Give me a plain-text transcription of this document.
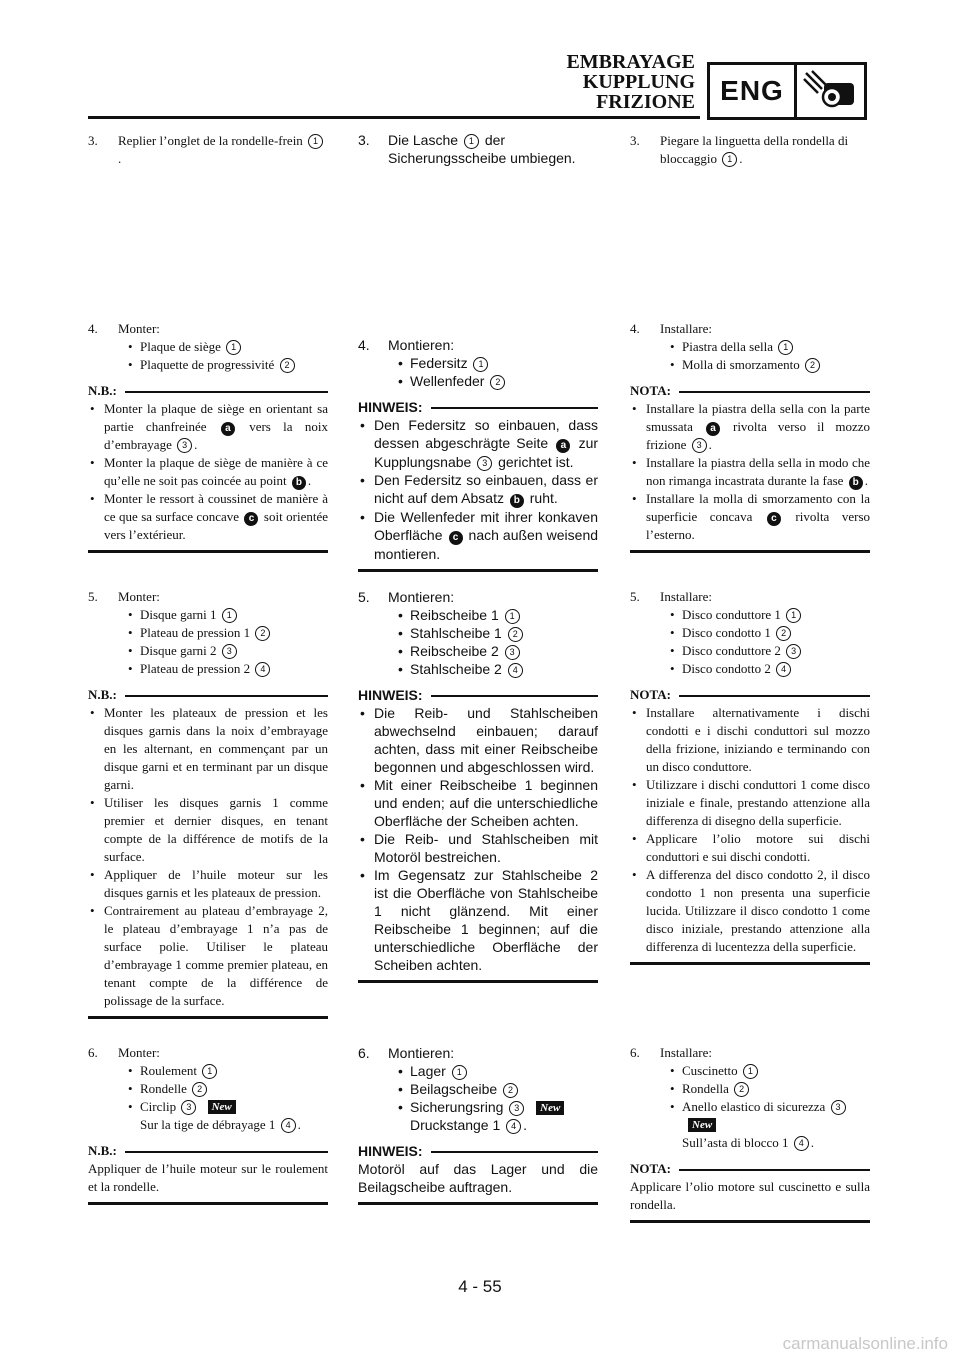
EMBRAYAGE
KUPPLUNG
FRIZIONE ENG
3. Replier l’onglet de la rondelle-frein 1.
4. Monter:
• Plaque de siège 1
• Plaquette de progressivité 2
N.B.:
• Monter la plaque de siège en orientant sa partie chanfreinée a vers la noix d’embrayage 3 .
• Monter la plaque de siège de manière à ce qu’elle ne soit pas coincée au point b .
• Monter le ressort à coussinet de manière à ce que sa surface concave c soit orientée vers l’extérieur.
5. Monter:
• Disque garni 1 1
• Plateau de pression 1 2
• Disque garni 2 3
• Plateau de pression 2 4
N.B.:
• Monter les plateaux de pression et les disques garnis dans la noix d’embrayage en les alternant, en commençant par un disque garni et en terminant par un disque garni.
• Utiliser les disques garnis 1 comme premier et dernier disques, en tenant compte de la différence de motifs de la surface.
• Appliquer de l’huile moteur sur les disques garnis et les plateaux de pression.
• Contrairement au plateau d’embrayage 2, le plateau d’embrayage 1 n’a pas de surface polie. Utiliser le plateau d’embrayage 1 comme premier plateau, en tenant compte de la différence de polissage de la surface.
6. Monter:
• Roulement 1
• Rondelle 2
• Circlip 3 New
Sur la tige de débrayage 1 4 .
N.B.:
Appliquer de l’huile moteur sur le roulement et la rondelle.
3. Die Lasche 1 der Sicherungsscheibe umbiegen.
4. Montieren:
• Federsitz 1
• Wellenfeder 2
HINWEIS:
• Den Federsitz so einbauen, dass dessen abgeschrägte Seite a zur Kupplungsnabe 3 gerichtet ist.
• Den Federsitz so einbauen, dass er nicht auf dem Absatz b ruht.
• Die Wellenfeder mit ihrer konkaven Oberfläche c nach außen weisend montieren.
5. Montieren:
• Reibscheibe 1 1
• Stahlscheibe 1 2
• Reibscheibe 2 3
• Stahlscheibe 2 4
HINWEIS:
• Die Reib- und Stahlscheiben abwechselnd einbauen; darauf achten, dass mit einer Reibscheibe begonnen und abgeschlossen wird.
• Mit einer Reibscheibe 1 beginnen und enden; auf die unterschiedliche Oberfläche der Scheiben achten.
• Die Reib- und Stahlscheiben mit Motoröl bestreichen.
• Im Gegensatz zur Stahlscheibe 2 ist die Oberfläche von Stahlscheibe 1 nicht glänzend. Mit einer Reibscheibe 1 beginnen; auf die unterschiedliche Oberfläche der Scheiben achten.
6. Montieren:
• Lager 1
• Beilagscheibe 2
• Sicherungsring 3 New
Druckstange 1 4 .
HINWEIS:
Motoröl auf das Lager und die Beilagscheibe auftragen.
3. Piegare la linguetta della rondella di bloccaggio 1 .
4. Installare:
• Piastra della sella 1
• Molla di smorzamento 2
NOTA:
• Installare la piastra della sella con la parte smussata a rivolta verso il mozzo frizione 3 .
• Installare la piastra della sella in modo che non rimanga incastrata durante la fase b .
• Installare la molla di smorzamento con la superficie concava c rivolta verso l’esterno.
5. Installare:
• Disco conduttore 1 1
• Disco condotto 1 2
• Disco conduttore 2 3
• Disco condotto 2 4
NOTA:
• Installare alternativamente i dischi condotti e i dischi conduttori sul mozzo della frizione, iniziando e terminando con un disco conduttore.
• Utilizzare i dischi conduttori 1 come disco iniziale e finale, prestando attenzione alla differenza di disegno della superficie.
• Applicare l’olio motore sui dischi conduttori e sui dischi condotti.
• A differenza del disco condotto 2, il disco condotto 1 non presenta una superficie lucida. Utilizzare il disco condotto 1 come disco iniziale, prestando attenzione alla differenza di lucentezza della superficie.
6. Installare:
• Cuscinetto 1
• Rondella 2
• Anello elastico di sicurezza 3 New
Sull’asta di blocco 1 4 .
NOTA:
Applicare l’olio motore sul cuscinetto e sulla rondella.
4 - 55
carmanualsonline.info
